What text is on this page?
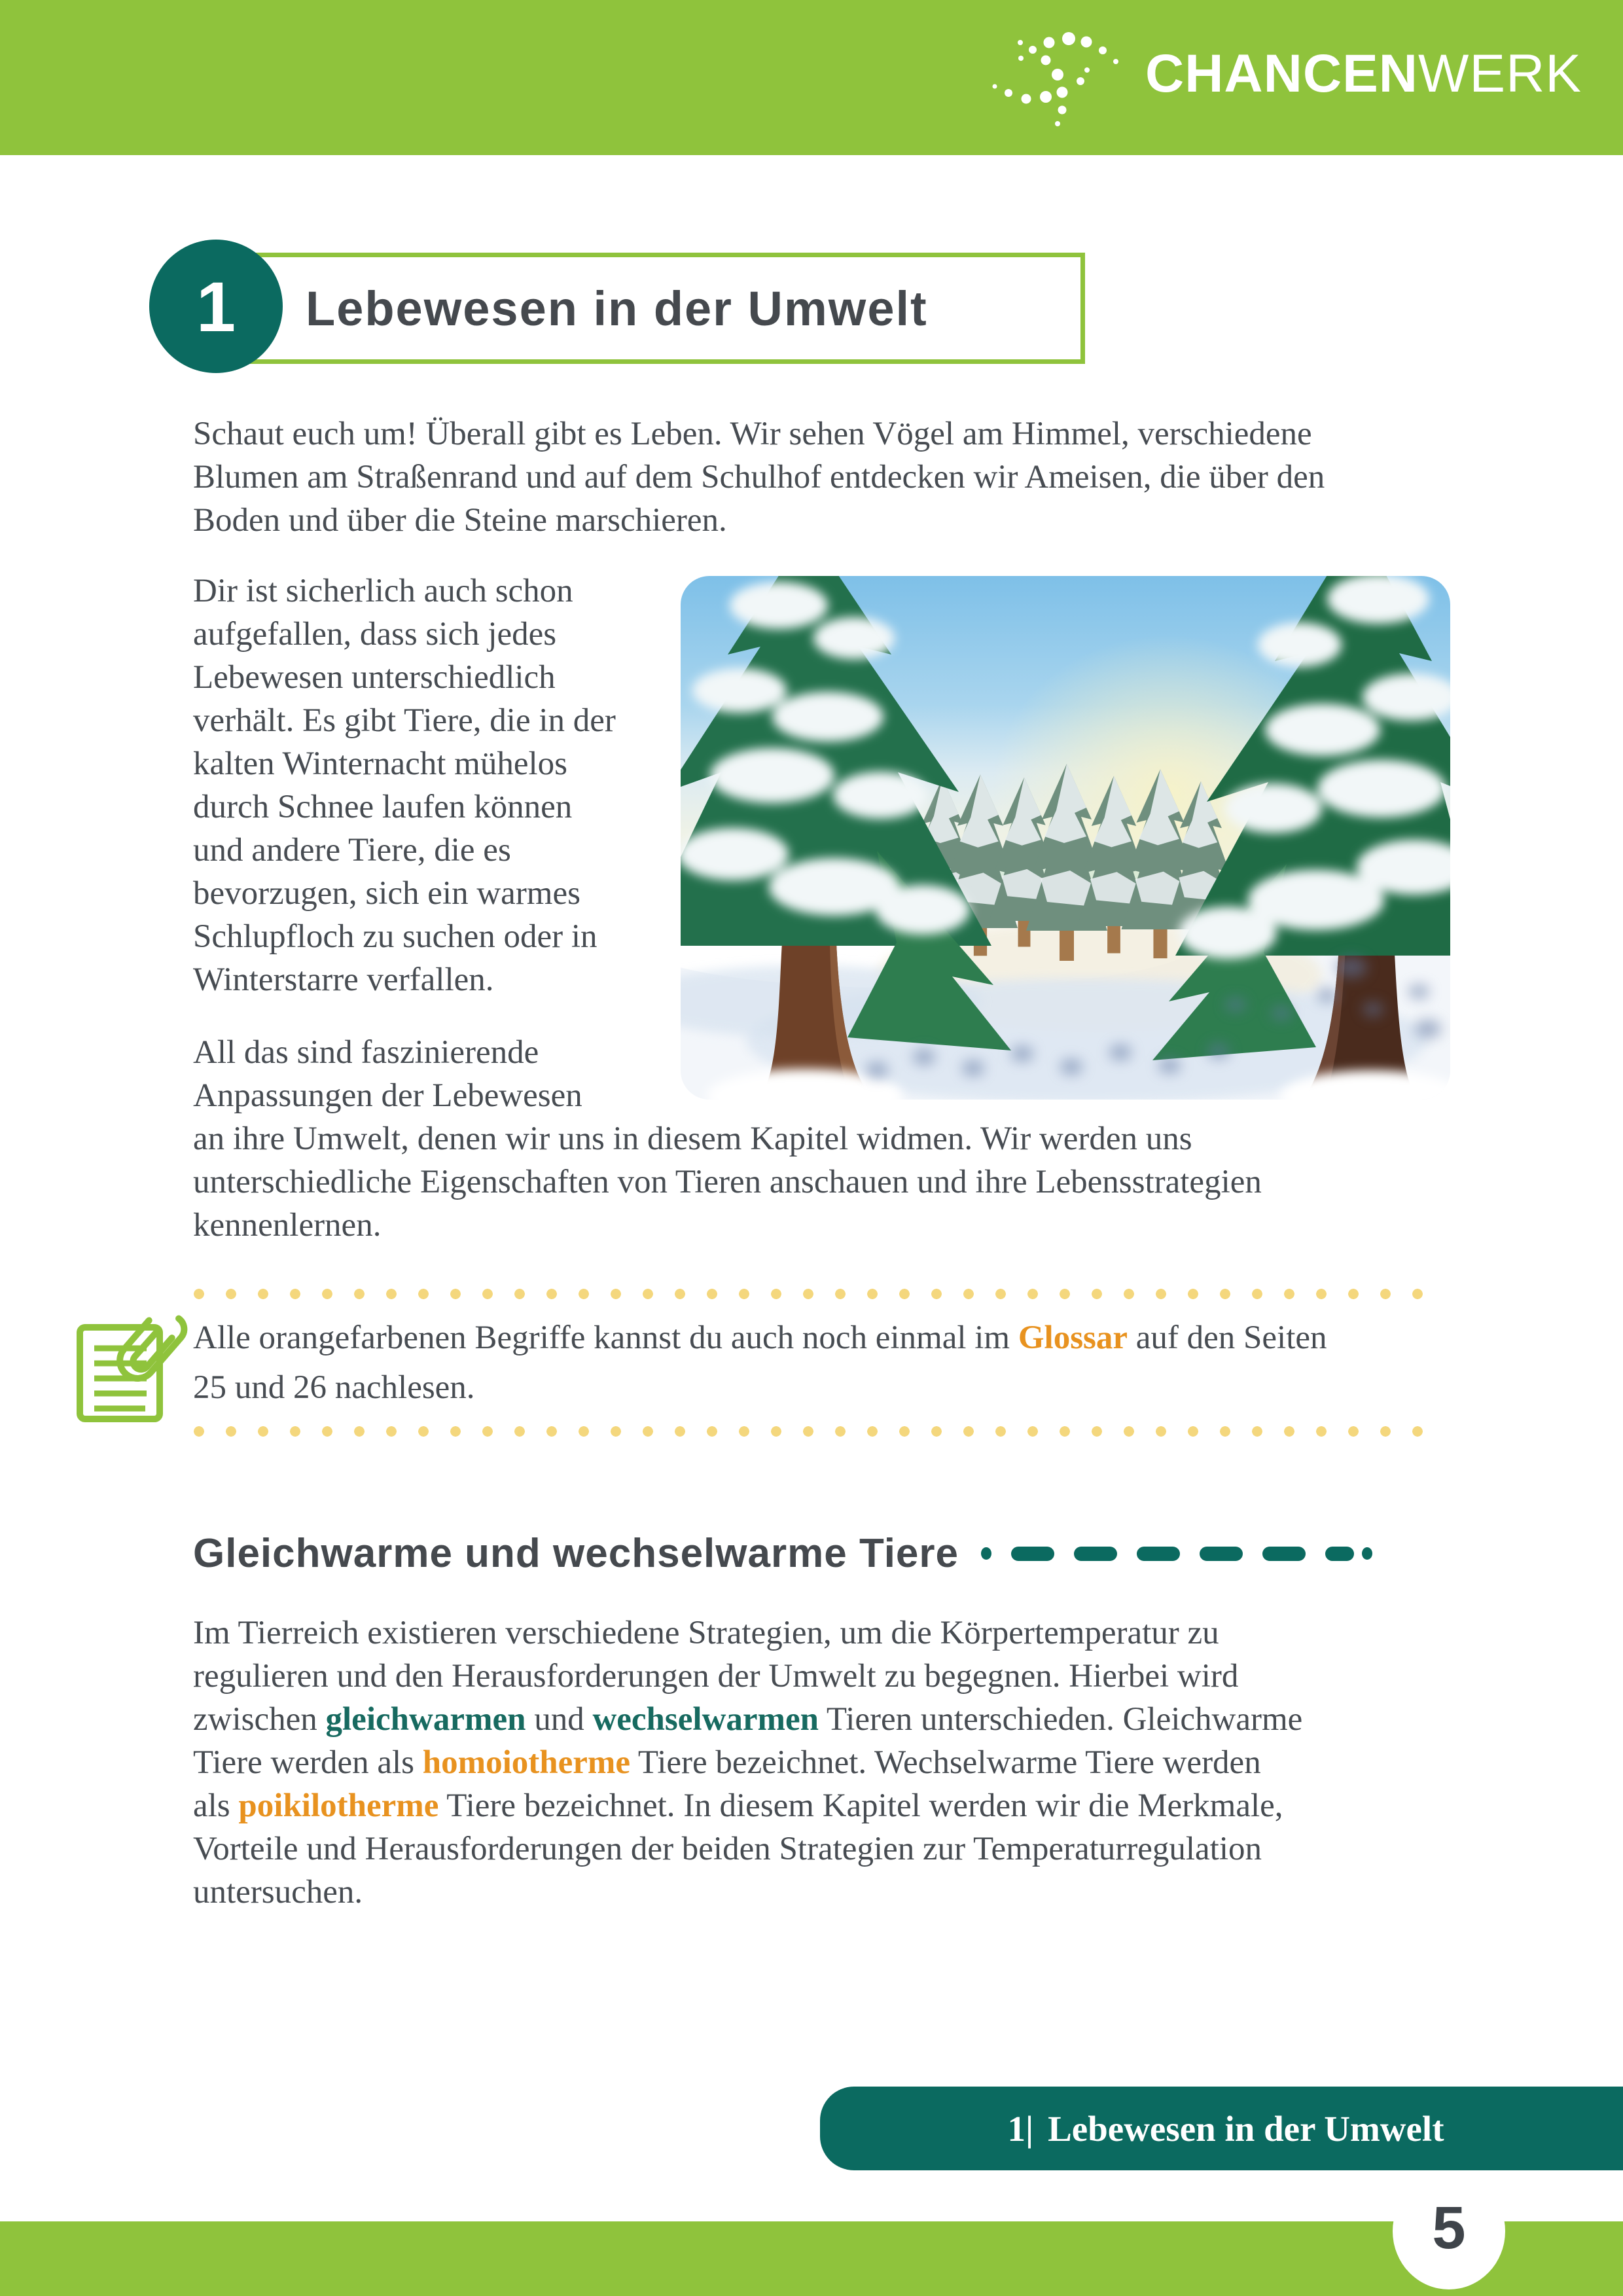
CHANCENWERK
Lebewesen in der Umwelt
1
Schaut euch um! Überall gibt es Leben. Wir sehen Vögel am Himmel, verschiedene
Blumen am Straßenrand und auf dem Schulhof entdecken wir Ameisen, die über den
Boden und über die Steine marschieren.
Dir ist sicherlich auch schon
aufgefallen, dass sich jedes
Lebewesen unterschiedlich
verhält. Es gibt Tiere, die in der
kalten Winternacht mühelos
durch Schnee laufen können
und andere Tiere, die es
bevorzugen, sich ein warmes
Schlupfloch zu suchen oder in
Winterstarre verfallen.
All das sind faszinierende
Anpassungen der Lebewesen
an ihre Umwelt, denen wir uns in diesem Kapitel widmen. Wir werden uns
unterschiedliche Eigenschaften von Tieren anschauen und ihre Lebensstrategien
kennenlernen.
Alle orangefarbenen Begriffe kannst du auch noch einmal im Glossar auf den Seiten
25 und 26 nachlesen.
Gleichwarme und wechselwarme Tiere
Im Tierreich existieren verschiedene Strategien, um die Körpertemperatur zu
regulieren und den Herausforderungen der Umwelt zu begegnen. Hierbei wird
zwischen gleichwarmen und wechselwarmen Tieren unterschieden. Gleichwarme
Tiere werden als homoiotherme Tiere bezeichnet. Wechselwarme Tiere werden
als poikilotherme Tiere bezeichnet. In diesem Kapitel werden wir die Merkmale,
Vorteile und Herausforderungen der beiden Strategien zur Temperaturregulation
untersuchen.
1| Lebewesen in der Umwelt
5
